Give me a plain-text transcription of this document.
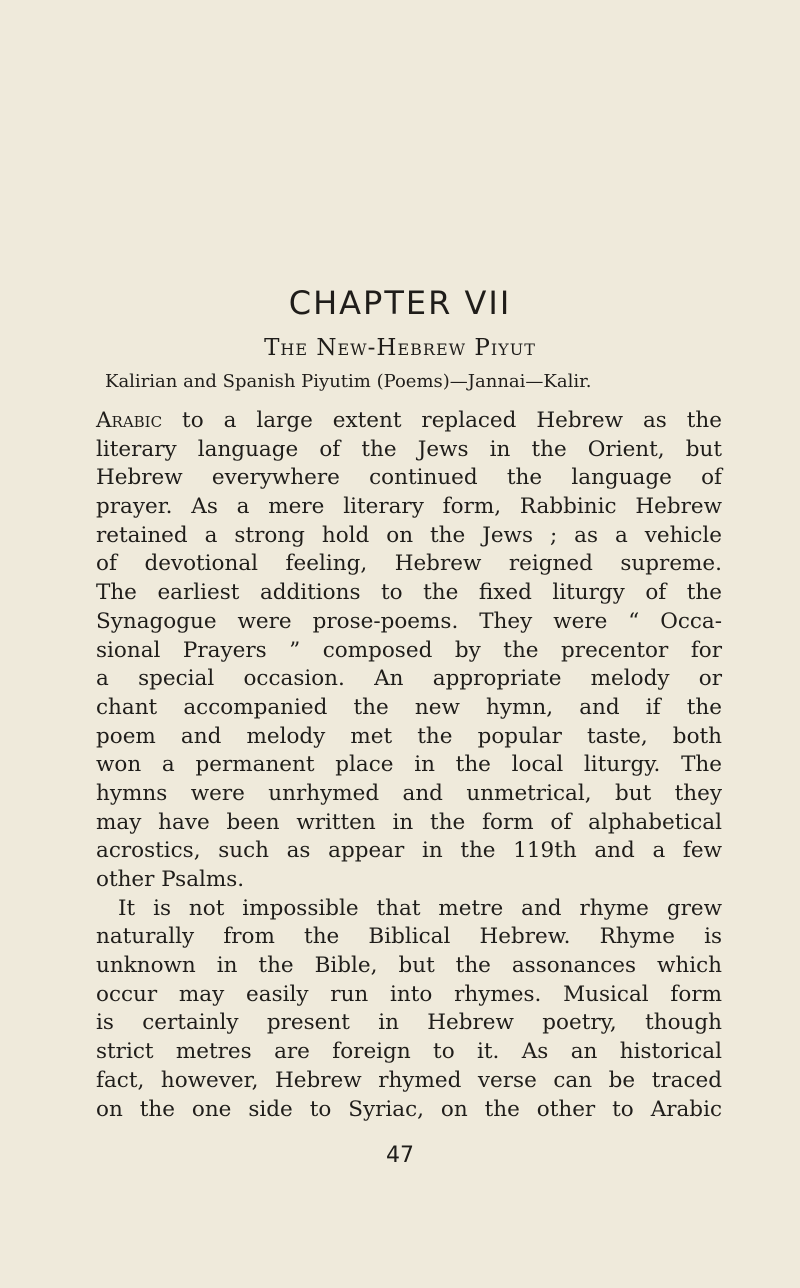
CHAPTER VII
The New-Hebrew Piyut

Kalirian and Spanish Piyutim (Poems)—Jannai—Kalir.

Arabic to a large extent replaced Hebrew as the
literary language of the Jews in the Orient, but
Hebrew everywhere continued the language of
prayer. As a mere literary form, Rabbinic Hebrew
retained a strong hold on the Jews ; as a vehicle
of devotional feeling, Hebrew reigned supreme.
The earliest additions to the fixed liturgy of the
Synagogue were prose-poems. They were “ Occa-
sional Prayers ” composed by the precentor for
a special occasion. An appropriate melody or
chant accompanied the new hymn, and if the
poem and melody met the popular taste, both
won a permanent place in the local liturgy. The
hymns were unrhymed and unmetrical, but they
may have been written in the form of alphabetical
acrostics, such as appear in the 119th and a few
other Psalms.
It is not impossible that metre and rhyme grew
naturally from the Biblical Hebrew. Rhyme is
unknown in the Bible, but the assonances which
occur may easily run into rhymes. Musical form
is certainly present in Hebrew poetry, though
strict metres are foreign to it. As an historical
fact, however, Hebrew rhymed verse can be traced
on the one side to Syriac, on the other to Arabic

47
